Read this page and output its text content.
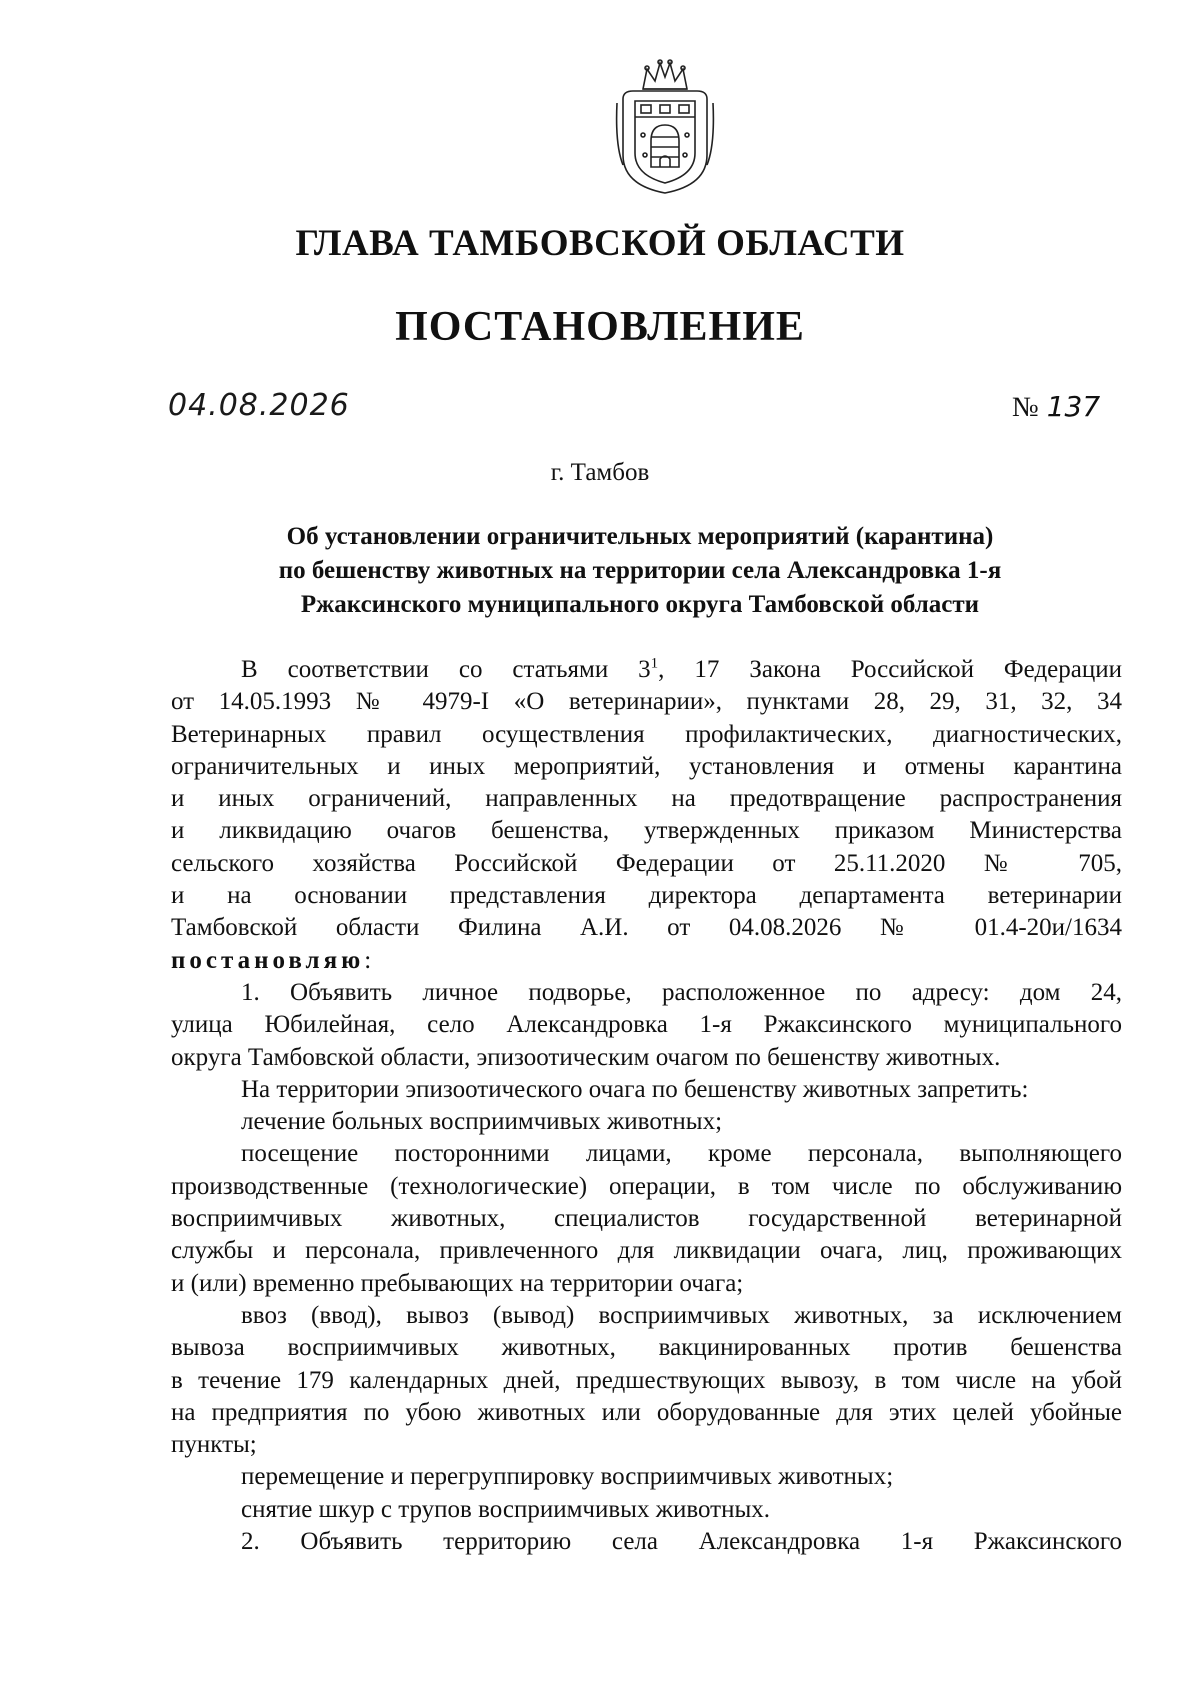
ГЛАВА ТАМБОВСКОЙ ОБЛАСТИ
ПОСТАНОВЛЕНИЕ
04.08.2026	№ 137
г. Тамбов
Об установлении ограничительных мероприятий (карантина)
по бешенству животных на территории села Александровка 1-я
Ржаксинского муниципального округа Тамбовской области
В соответствии со статьями $3^1$, 17 Закона Российской Федерации
от 14.05.1993 № 4979-I «О ветеринарии», пунктами 28, 29, 31, 32, 34
Ветеринарных правил осуществления профилактических, диагностических,
ограничительных и иных мероприятий, установления и отмены карантина
и иных ограничений, направленных на предотвращение распространения
и ликвидацию очагов бешенства, утвержденных приказом Министерства
сельского хозяйства Российской Федерации от 25.11.2020 № 705,
и на основании представления директора департамента ветеринарии
Тамбовской области Филина А.И. от 04.08.2026 № 01.4-20и/1634
постановляю:
1. Объявить личное подворье, расположенное по адресу: дом 24,
улица Юбилейная, село Александровка 1-я Ржаксинского муниципального
округа Тамбовской области, эпизоотическим очагом по бешенству животных.
На территории эпизоотического очага по бешенству животных запретить:
лечение больных восприимчивых животных;
посещение посторонними лицами, кроме персонала, выполняющего
производственные (технологические) операции, в том числе по обслуживанию
восприимчивых животных, специалистов государственной ветеринарной
службы и персонала, привлеченного для ликвидации очага, лиц, проживающих
и (или) временно пребывающих на территории очага;
ввоз (ввод), вывоз (вывод) восприимчивых животных, за исключением
вывоза восприимчивых животных, вакцинированных против бешенства
в течение 179 календарных дней, предшествующих вывозу, в том числе на убой
на предприятия по убою животных или оборудованные для этих целей убойные
пункты;
перемещение и перегруппировку восприимчивых животных;
снятие шкур с трупов восприимчивых животных.
2. Объявить территорию села Александровка 1-я Ржаксинского
